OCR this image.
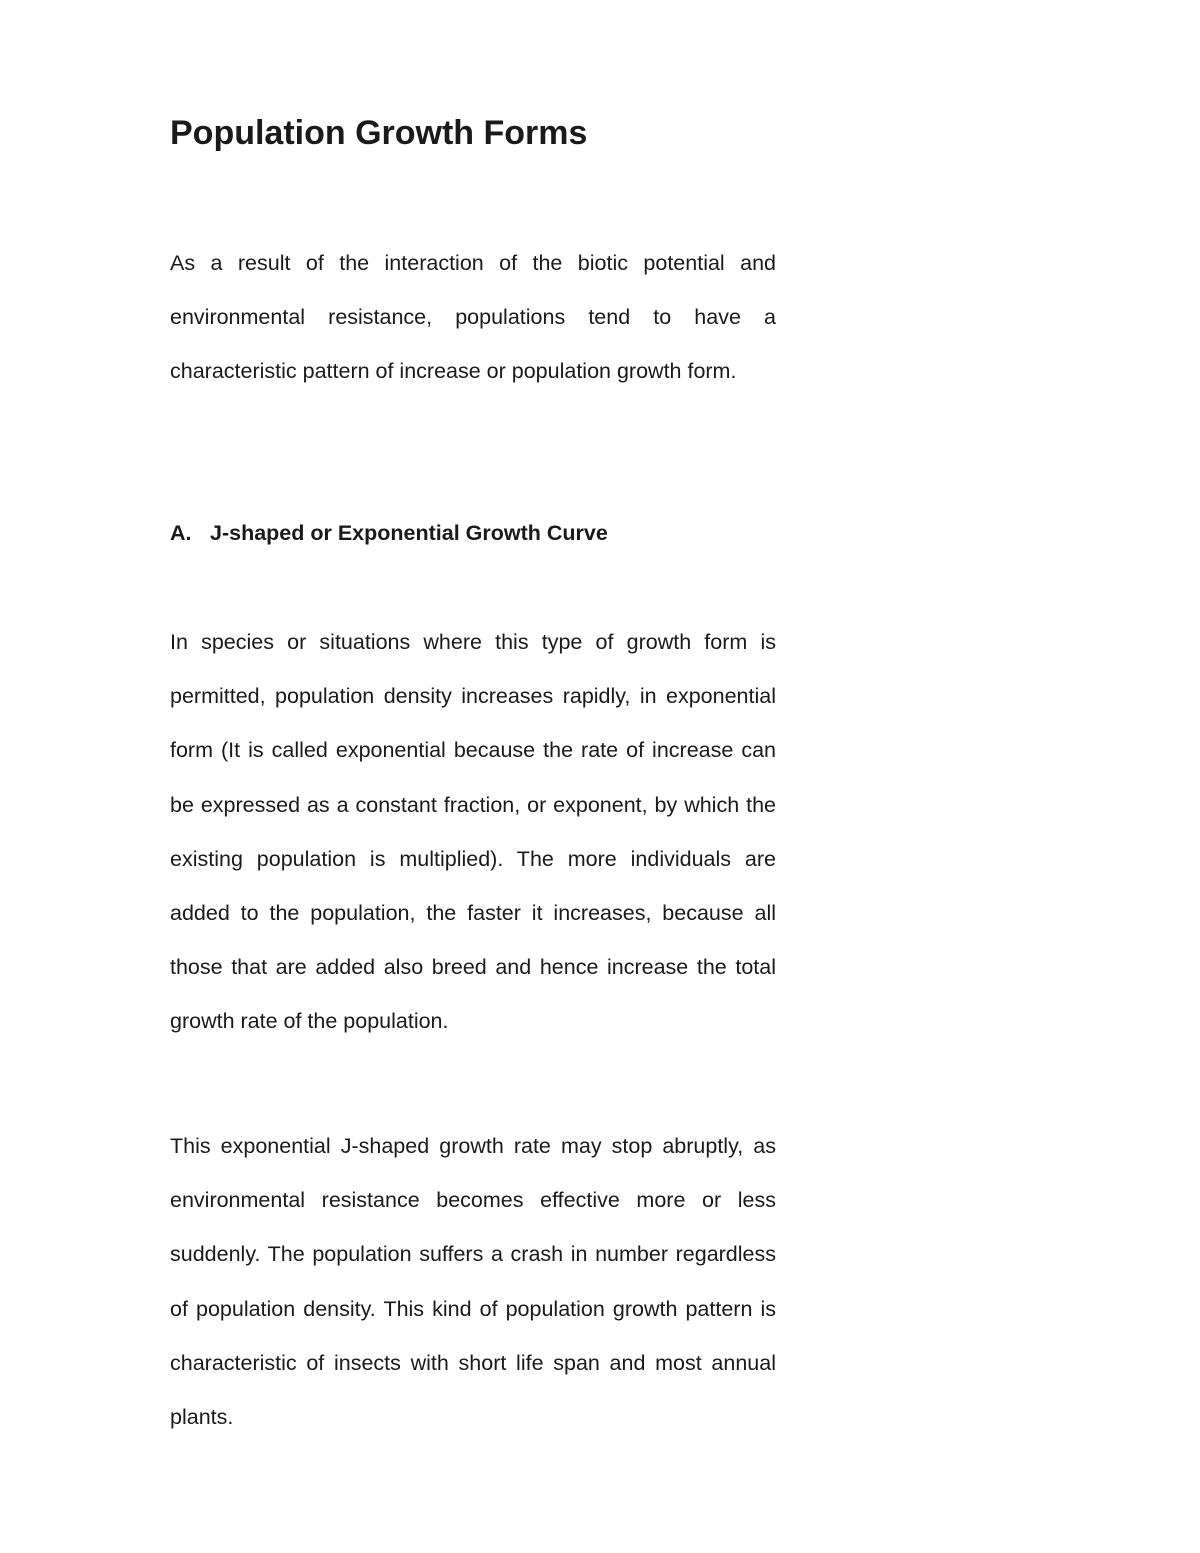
Population Growth Forms

As a result of the interaction of the biotic potential and environmental resistance, populations tend to have a characteristic pattern of increase or population growth form.

A. J-shaped or Exponential Growth Curve

In species or situations where this type of growth form is permitted, population density increases rapidly, in exponential form (It is called exponential because the rate of increase can be expressed as a constant fraction, or exponent, by which the existing population is multiplied). The more individuals are added to the population, the faster it increases, because all those that are added also breed and hence increase the total growth rate of the population.

This exponential J-shaped growth rate may stop abruptly, as environmental resistance becomes effective more or less suddenly. The population suffers a crash in number regardless of population density. This kind of population growth pattern is characteristic of insects with short life span and most annual plants.
